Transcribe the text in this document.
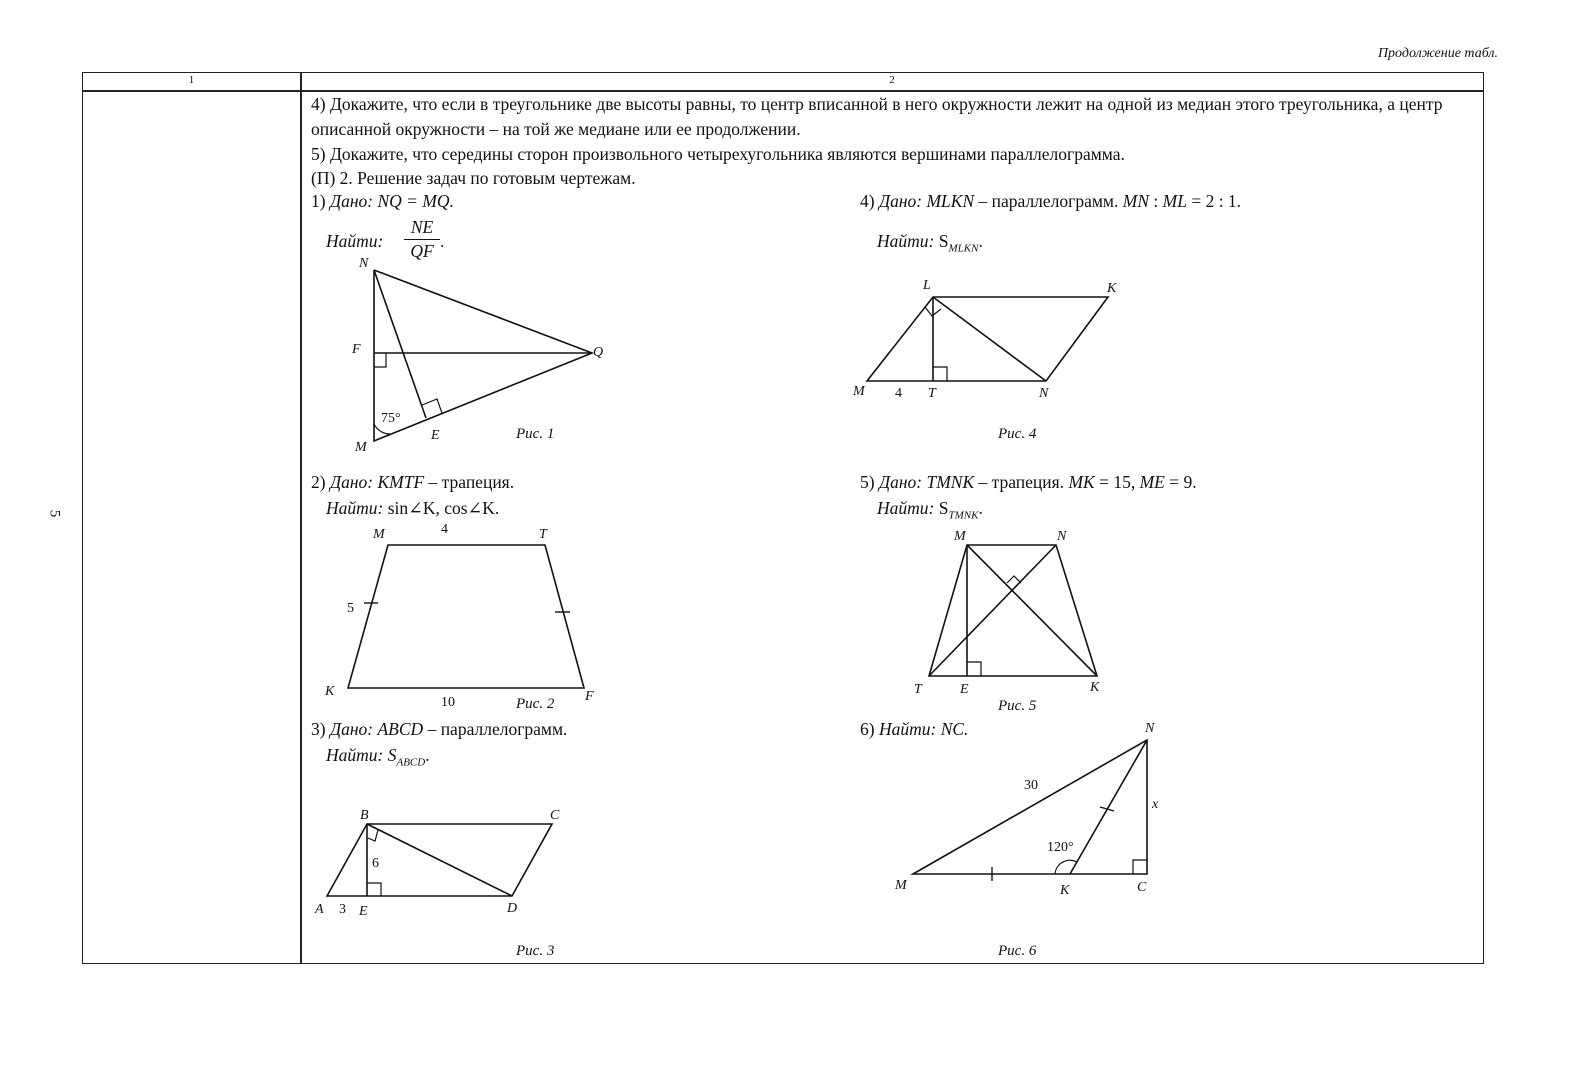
Продолжение табл.
5
1	2
4) Докажите, что если в треугольнике две высоты равны, то центр вписанной в него окружности лежит на одной из медиан этого треугольника, а центр описанной окружности – на той же медиане или ее продолжении.
5) Докажите, что середины сторон произвольного четырехугольника являются вершинами параллелограмма.
(П) 2. Решение задач по готовым чертежам.
1) Дано: NQ = MQ.
Найти:
NE
QF .
4) Дано: MLKN – параллелограмм. MN : ML = 2 : 1.
Найти: $S_{MLKN}$.
2) Дано: KMTF – трапеция.
Найти: sin∠K, cos∠K.
5) Дано: TMNK – трапеция. MK = 15, ME = 9.
Найти: $S_{TMNK}$.
3) Дано: ABCD – параллелограмм.
Найти: $S_{ABCD}$.
6) Найти: NC.
N
F	Q
M
E
75°
Рис. 1
L	K
M 4 T	N
Рис. 4
M	4	T
5
K
10	Рис. 2 F
M	N
T	E	K
Рис. 5
B	C
6
A 3 E	D
Рис. 3
N
30
x
120°
M	K	C
Рис. 6
